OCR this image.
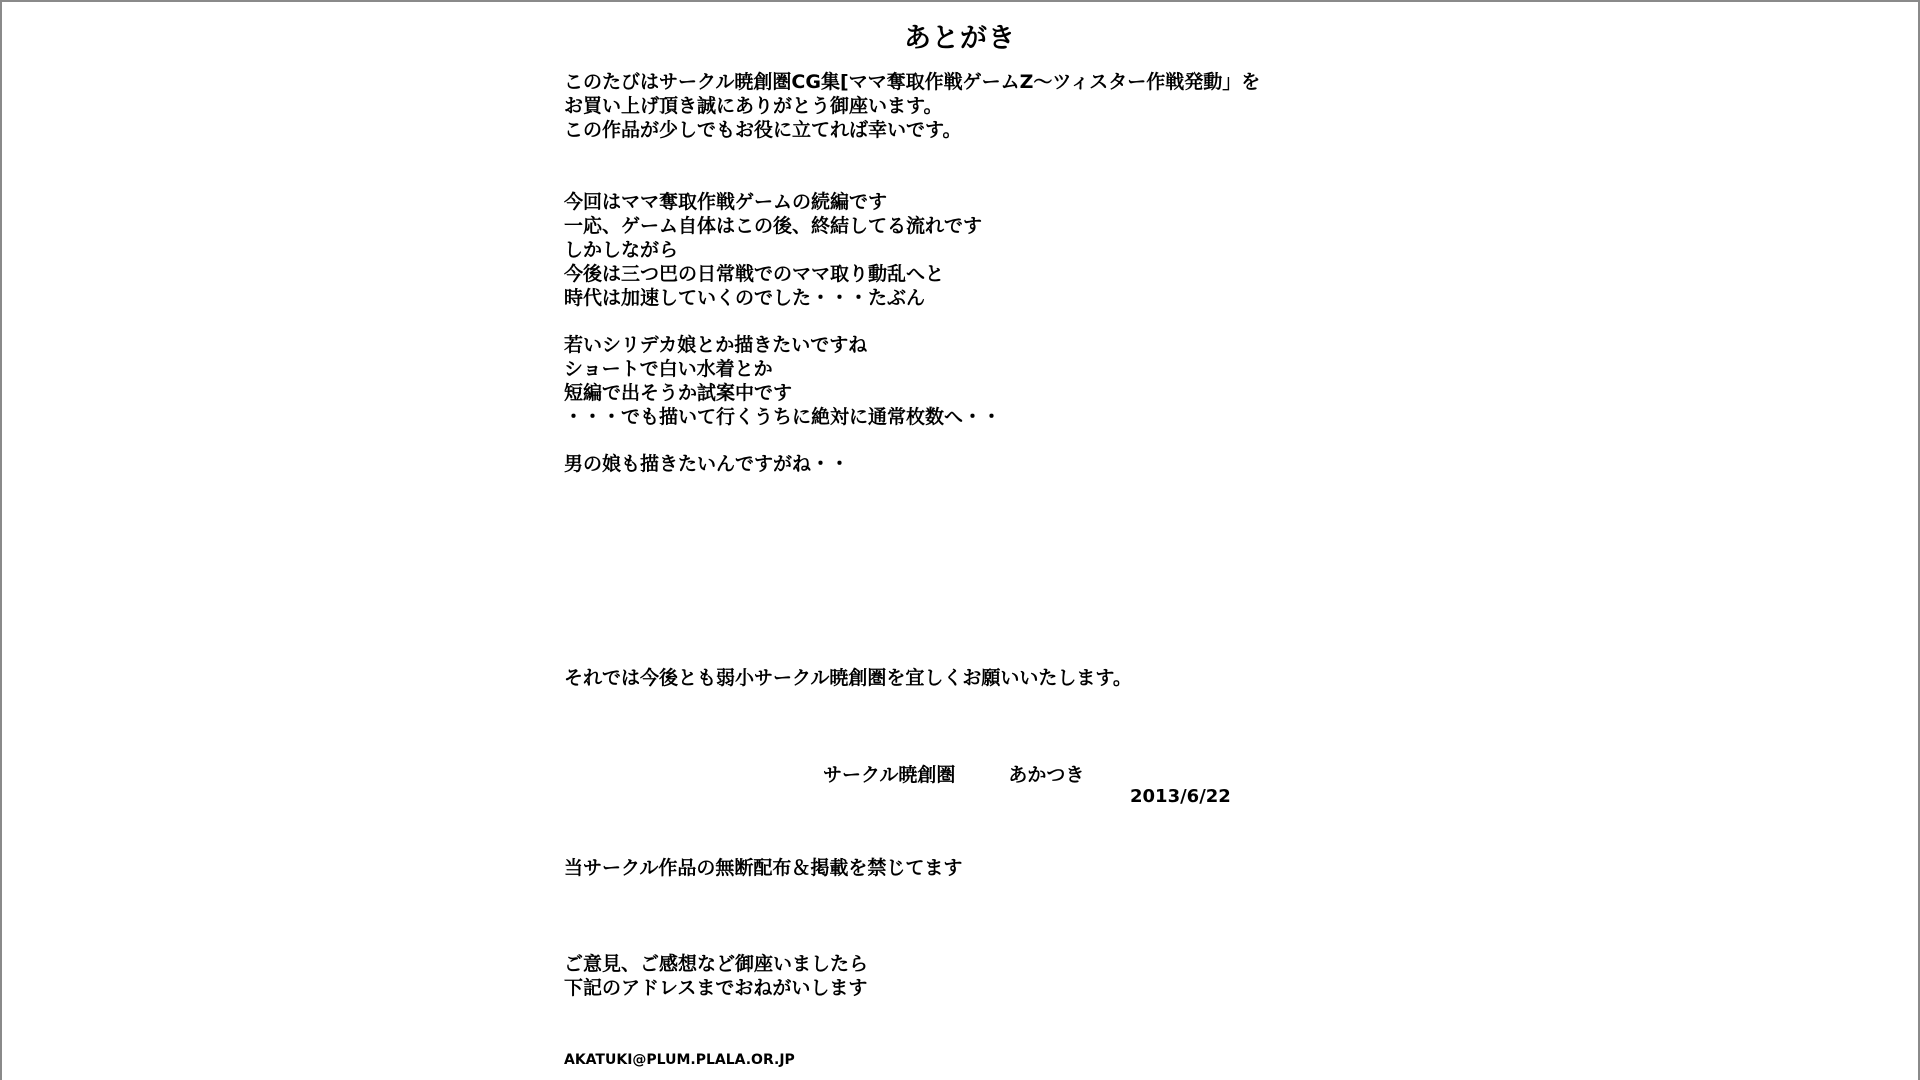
あとがき
このたびはサークル暁創圏CG集[ママ奪取作戦ゲームZ～ツィスター作戦発動」を
お買い上げ頂き誠にありがとう御座います。
この作品が少しでもお役に立てれば幸いです。
今回はママ奪取作戦ゲームの続編です
一応、ゲーム自体はこの後、終結してる流れです
しかしながら
今後は三つ巴の日常戦でのママ取り動乱へと
時代は加速していくのでした・・・たぶん
若いシリデカ娘とか描きたいですね
ショートで白い水着とか
短編で出そうか試案中です
・・・でも描いて行くうちに絶対に通常枚数へ・・
男の娘も描きたいんですがね・・
それでは今後とも弱小サークル暁創圏を宜しくお願いいたします。
サークル暁創圏	あかつき
2013/6/22
当サークル作品の無断配布＆掲載を禁じてます
ご意見、ご感想など御座いましたら
下記のアドレスまでおねがいします
AKATUKI@PLUM.PLALA.OR.JP
